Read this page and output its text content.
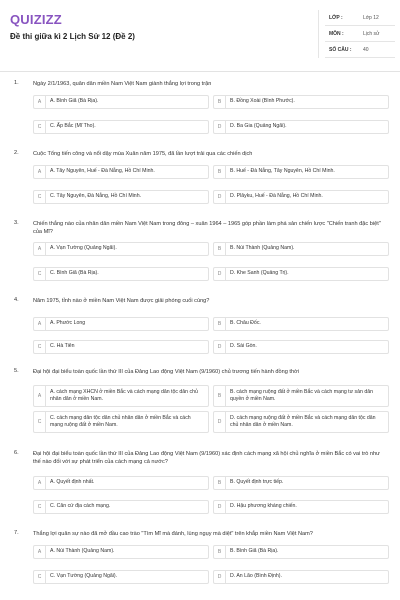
QUIZIZZ
Đề thi giữa kì 2 Lịch Sử 12 (Đề 2)
LỚP :	Lớp 12
MÔN :	Lịch sử
SỐ CÂU : 40
1.	Ngày 2/1/1963, quân dân miền Nam Việt Nam giành thắng lợi trong trận
A	A. Bình Giã (Bà Rịa).	B	B. Đồng Xoài (Bình Phước).
C	C. Ấp Bắc (Mĩ Tho).	D	D. Ba Gia (Quảng Ngãi).
2.	Cuộc Tổng tiến công và nổi dậy mùa Xuân năm 1975, đã lần lượt trải qua các chiến dịch
A	A. Tây Nguyên, Huế - Đà Nẵng, Hồ Chí Minh.	B	B. Huế - Đà Nẵng, Tây Nguyên, Hồ Chí Minh.
C	C. Tây Nguyên, Đà Nẵng, Hồ Chí Minh.	D	D. Plâyku, Huế - Đà Nẵng, Hồ Chí Minh.
3.	Chiến thắng nào của nhân dân miền Nam Việt Nam trong đông – xuân 1964 – 1965 góp phần làm phá sản chiến lược "Chiến tranh đặc biệt" của Mĩ?
A	A. Vạn Tường (Quảng Ngãi).	B	B. Núi Thành (Quảng Nam).
C	C. Bình Giã (Bà Rịa).	D	D. Khe Sanh (Quảng Trị).
4.	Năm 1975, tỉnh nào ở miền Nam Việt Nam được giải phóng cuối cùng?
A	A. Phước Long	B	B. Châu Đốc.
C	C. Hà Tiên	D	D. Sài Gòn.
5.	Đại hội đại biểu toàn quốc lần thứ III của Đảng Lao động Việt Nam (9/1960) chủ trương tiến hành đồng thời
A
A. cách mạng XHCN ở miền Bắc và cách mạng dân tộc dân chủ nhân dân ở miền Nam.	B
B. cách mạng ruộng đất ở miền Bắc và cách mạng tư sản dân quyền ở miền Nam.
C
C. cách mạng dân tộc dân chủ nhân dân ở miền Bắc và cách mạng ruộng đất ở miền Nam.	D
D. cách mạng ruộng đất ở miền Bắc và cách mạng dân tộc dân chủ nhân dân ở miền Nam.
6.	Đại hội đại biểu toàn quốc lần thứ III của Đảng Lao động Việt Nam (9/1960) xác định cách mạng xã hội chủ nghĩa ở miền Bắc có vai trò như thế nào đối với sự phát triển của cách mạng cả nước?
A	A. Quyết định nhất.	B	B. Quyết định trực tiếp.
C	C. Căn cứ địa cách mạng.	D	D. Hậu phương kháng chiến.
7.	Thắng lợi quân sự nào đã mở đầu cao trào "Tìm Mĩ mà đánh, lùng ngụy mà diệt" trên khắp miền Nam Việt Nam?
A	A. Núi Thành (Quảng Nam).	B	B. Bình Giã (Bà Rịa).
C	C. Vạn Tường (Quảng Ngãi).	D	D. An Lão (Bình Định).
